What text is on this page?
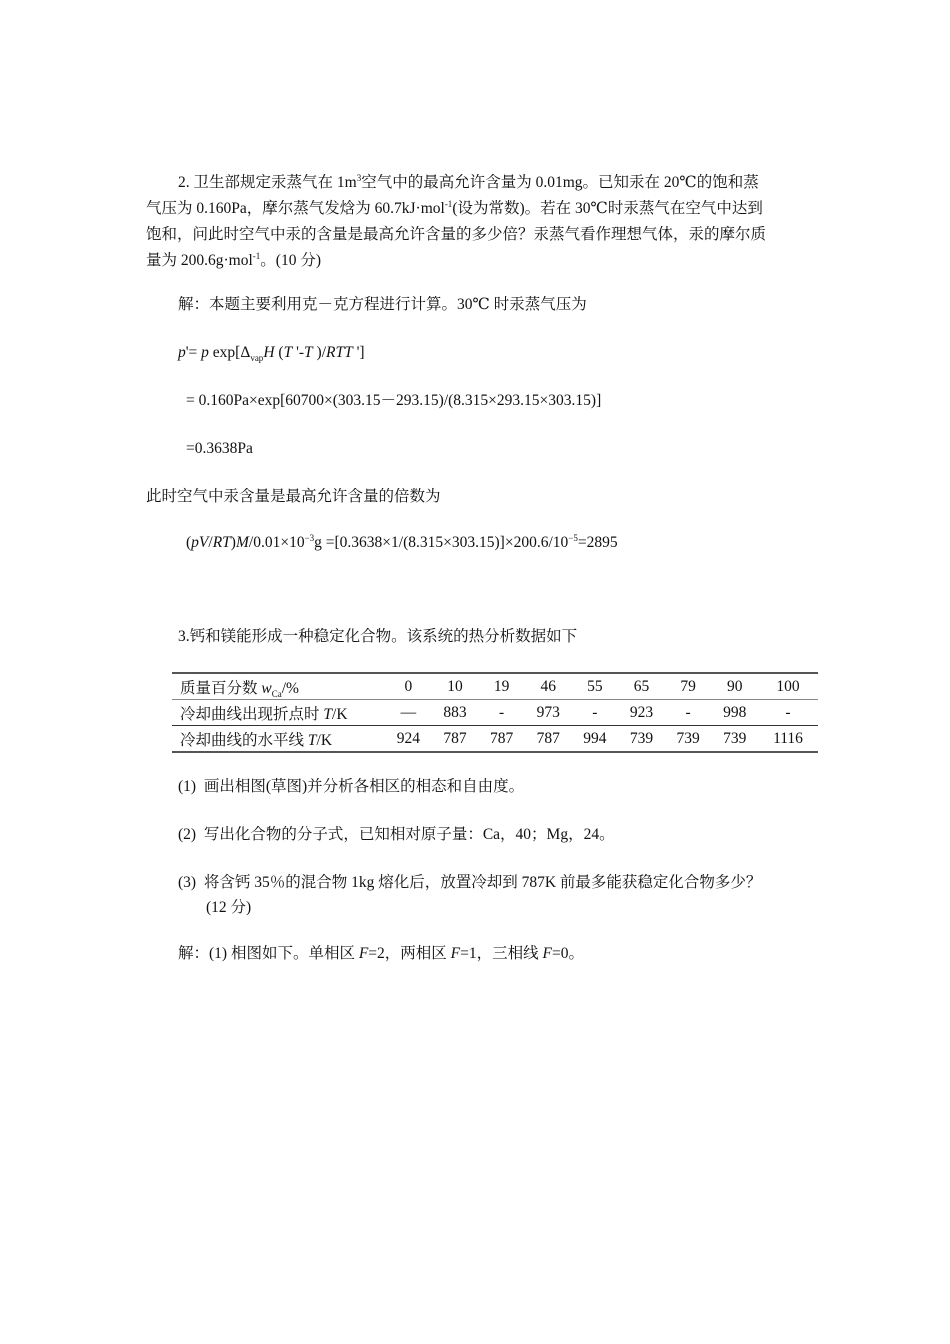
2. 卫生部规定汞蒸气在 $1m^3$空气中的最高允许含量为 0.01mg。已知汞在 20℃的饱和蒸

气压为 0.160Pa，摩尔蒸气发焓为 60.7kJ·mol$^{-1}$(设为常数)。若在 30℃时汞蒸气在空气中达到

饱和，问此时空气中汞的含量是最高允许含量的多少倍？汞蒸气看作理想气体，汞的摩尔质

量为 200.6g·mol$^{-1}$。(10 分)

解：本题主要利用克－克方程进行计算。30℃ 时汞蒸气压为

p'= p $\exp[\Delta_{vap}H$ (T '-T )/RTT ']

= 0.160Pa×exp[60700×(303.15－293.15)/(8.315×293.15×303.15)]

=0.3638Pa

此时空气中汞含量是最高允许含量的倍数为

$(pV/RT)M/0.01\times 10^{-3}g =[0.3638\times 1/(8.315\times 303.15)]\times 200.6/10^{-5}=2895$

3.钙和镁能形成一种稳定化合物。该系统的热分析数据如下

质量百分数 $w_{Ca}/\%$	0	10	19	46	55	65	79	90	100
冷却曲线出现折点时 T/K	—	883	-	973	-	923	-	998	-
冷却曲线的水平线 T/K	924	787	787	787	994	739	739	739	1116

(1) 画出相图(草图)并分析各相区的相态和自由度。

(2) 写出化合物的分子式，已知相对原子量：Ca，40；Mg，24。

(3) 将含钙 35％的混合物 1kg 熔化后，放置冷却到 787K 前最多能获稳定化合物多少？

(12 分)

解：(1) 相图如下。单相区 F=2，两相区 F=1，三相线 F=0。
